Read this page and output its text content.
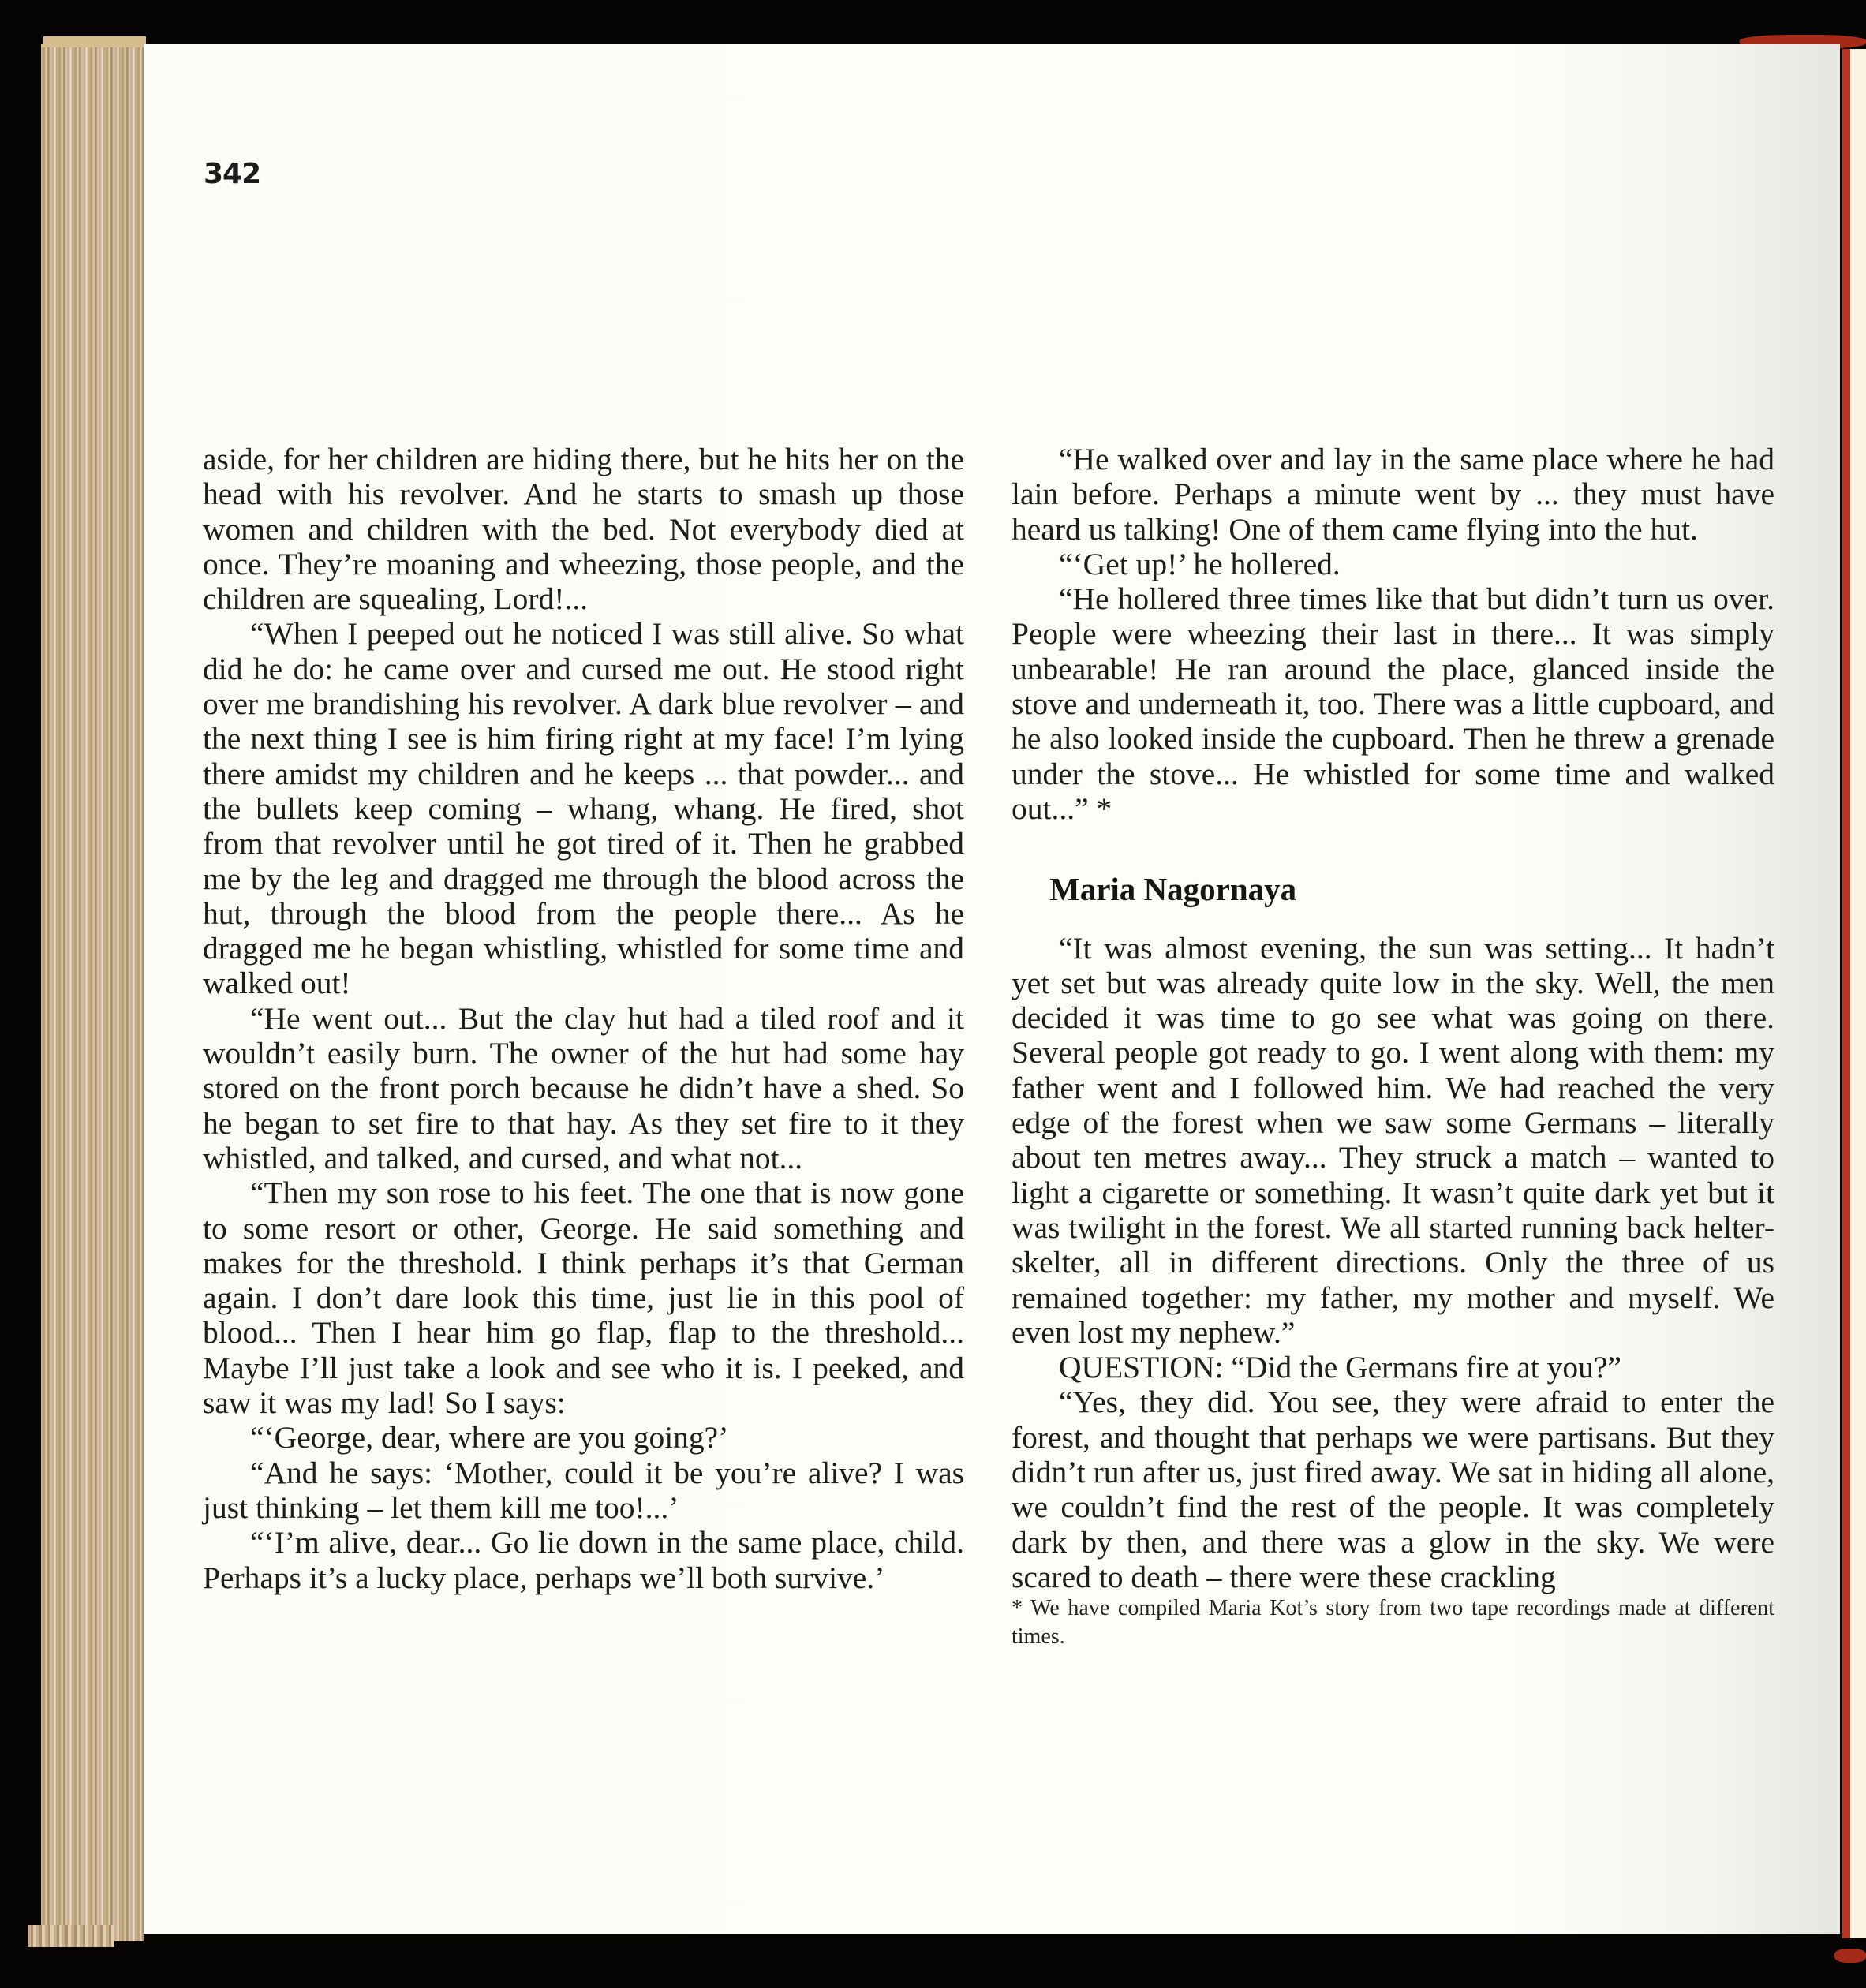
342

aside, for her children are hiding there, but he hits her on the head with his revolver. And he starts to smash up those women and children with the bed. Not everybody died at once. They’re moaning and wheezing, those people, and the children are squealing, Lord!...

“When I peeped out he noticed I was still alive. So what did he do: he came over and cursed me out. He stood right over me brandishing his revolver. A dark blue revolver – and the next thing I see is him firing right at my face! I’m lying there amidst my children and he keeps ... that powder... and the bullets keep coming – whang, whang. He fired, shot from that revolver until he got tired of it. Then he grabbed me by the leg and dragged me through the blood across the hut, through the blood from the people there... As he dragged me he began whistling, whistled for some time and walked out!

“He went out... But the clay hut had a tiled roof and it wouldn’t easily burn. The owner of the hut had some hay stored on the front porch because he didn’t have a shed. So he began to set fire to that hay. As they set fire to it they whistled, and talked, and cursed, and what not...

“Then my son rose to his feet. The one that is now gone to some resort or other, George. He said something and makes for the threshold. I think perhaps it’s that German again. I don’t dare look this time, just lie in this pool of blood... Then I hear him go flap, flap to the threshold... Maybe I’ll just take a look and see who it is. I peeked, and saw it was my lad! So I says:

“‘George, dear, where are you going?’

“And he says: ‘Mother, could it be you’re alive? I was just thinking – let them kill me too!...’

“‘I’m alive, dear... Go lie down in the same place, child. Perhaps it’s a lucky place, perhaps we’ll both survive.’

“He walked over and lay in the same place where he had lain before. Perhaps a minute went by ... they must have heard us talking! One of them came flying into the hut.

“‘Get up!’ he hollered.

“He hollered three times like that but didn’t turn us over. People were wheezing their last in there... It was simply unbearable! He ran around the place, glanced inside the stove and underneath it, too. There was a little cupboard, and he also looked inside the cupboard. Then he threw a grenade under the stove... He whistled for some time and walked out...” *

Maria Nagornaya

“It was almost evening, the sun was setting... It hadn’t yet set but was already quite low in the sky. Well, the men decided it was time to go see what was going on there. Several people got ready to go. I went along with them: my father went and I followed him. We had reached the very edge of the forest when we saw some Germans – literally about ten metres away... They struck a match – wanted to light a cigarette or something. It wasn’t quite dark yet but it was twilight in the forest. We all started running back helter-skelter, all in different directions. Only the three of us remained together: my father, my mother and myself. We even lost my nephew.”

QUESTION: “Did the Germans fire at you?”

“Yes, they did. You see, they were afraid to enter the forest, and thought that perhaps we were partisans. But they didn’t run after us, just fired away. We sat in hiding all alone, we couldn’t find the rest of the people. It was completely dark by then, and there was a glow in the sky. We were scared to death – there were these crackling

* We have compiled Maria Kot’s story from two tape recordings made at different times.
